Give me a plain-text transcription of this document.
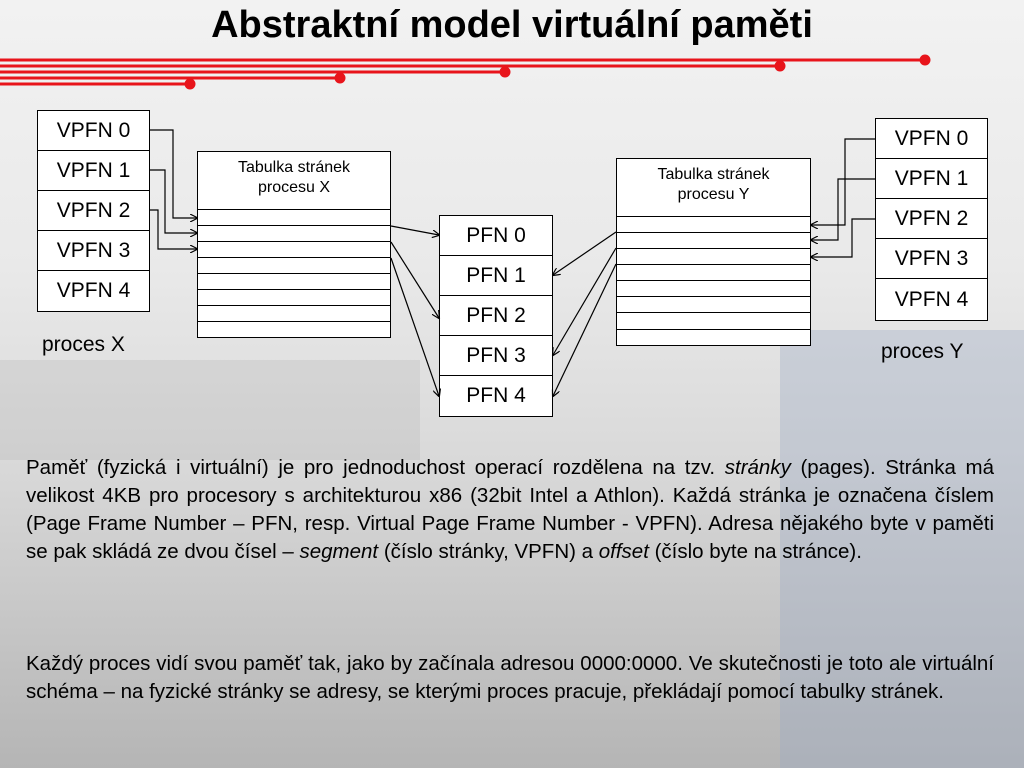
Abstraktní model virtuální paměti
VPFN 0
VPFN 1
VPFN 2
VPFN 3
VPFN 4
proces X
Tabulka stránek procesu X
PFN 0
PFN 1
PFN 2
PFN 3
PFN 4
Tabulka stránek procesu Y
VPFN 0
VPFN 1
VPFN 2
VPFN 3
VPFN 4
proces Y
Paměť (fyzická i virtuální) je pro jednoduchost operací rozdělena na tzv. stránky (pages). Stránka má velikost 4KB pro procesory s architekturou x86 (32bit Intel a Athlon). Každá stránka je označena číslem (Page Frame Number – PFN, resp. Virtual Page Frame Number - VPFN). Adresa nějakého byte v paměti se pak skládá ze dvou čísel – segment (číslo stránky, VPFN) a offset (číslo byte na stránce).
Každý proces vidí svou paměť tak, jako by začínala adresou 0000:0000. Ve skutečnosti je toto ale virtuální schéma – na fyzické stránky se adresy, se kterými proces pracuje, překládají pomocí tabulky stránek.
